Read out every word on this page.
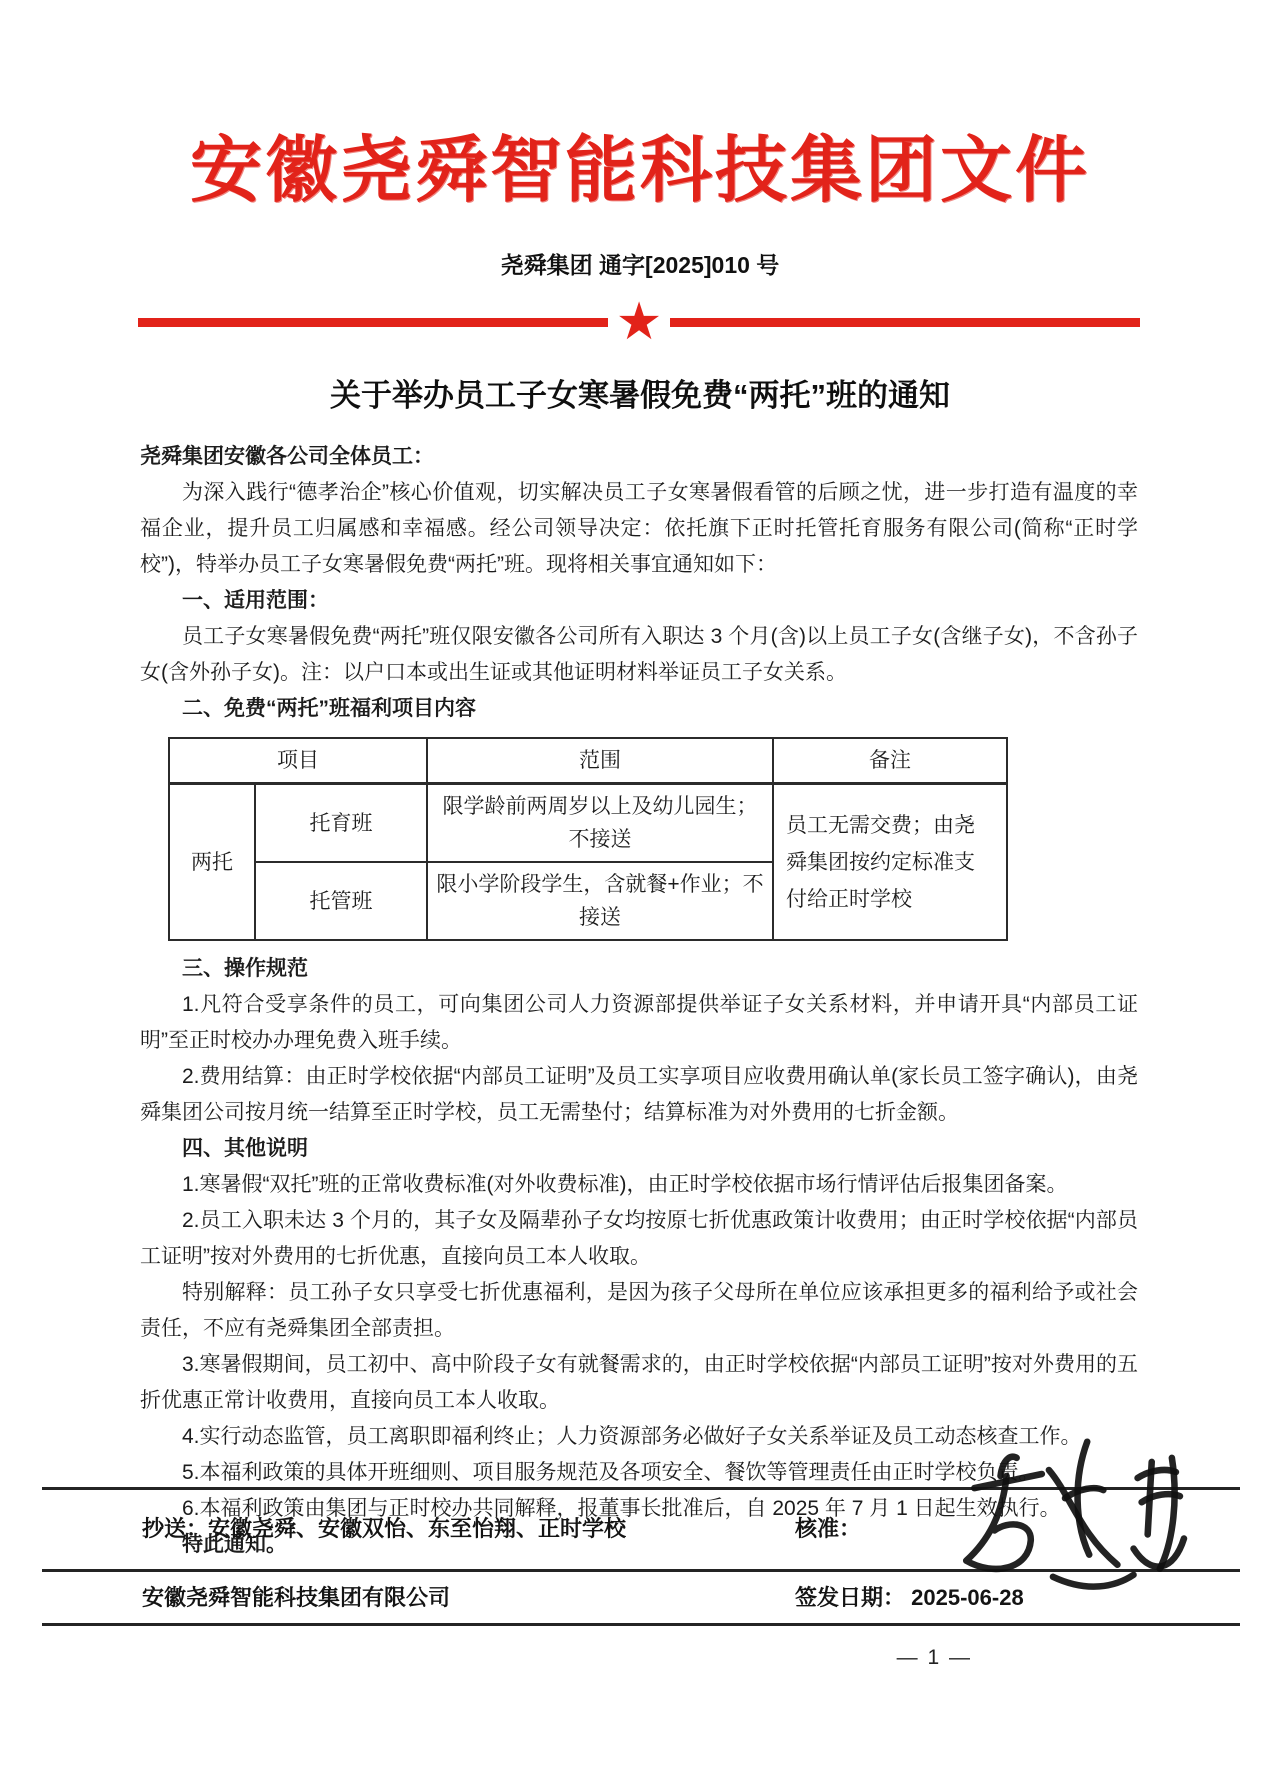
安徽尧舜智能科技集团文件
尧舜集团 通字[2025]010 号
★
关于举办员工子女寒暑假免费“两托”班的通知

尧舜集团安徽各公司全体员工：

为深入践行“德孝治企”核心价值观，切实解决员工子女寒暑假看管的后顾之忧，进一步打造有温度的幸福企业，提升员工归属感和幸福感。经公司领导决定：依托旗下正时托管托育服务有限公司(简称“正时学校”)，特举办员工子女寒暑假免费“两托”班。现将相关事宜通知如下：

一、适用范围：

员工子女寒暑假免费“两托”班仅限安徽各公司所有入职达 3 个月(含)以上员工子女(含继子女)，不含孙子女(含外孙子女)。注：以户口本或出生证或其他证明材料举证员工子女关系。

二、免费“两托”班福利项目内容

项目		范围	备注
两托	托育班	限学龄前两周岁以上及幼儿园生；不接送	员工无需交费；由尧舜集团按约定标准支付给正时学校
	托管班	限小学阶段学生，含就餐+作业；不接送	

三、操作规范

1.凡符合受享条件的员工，可向集团公司人力资源部提供举证子女关系材料，并申请开具“内部员工证明”至正时校办办理免费入班手续。

2.费用结算：由正时学校依据“内部员工证明”及员工实享项目应收费用确认单(家长员工签字确认)，由尧舜集团公司按月统一结算至正时学校，员工无需垫付；结算标准为对外费用的七折金额。

四、其他说明

1.寒暑假“双托”班的正常收费标准(对外收费标准)，由正时学校依据市场行情评估后报集团备案。

2.员工入职未达 3 个月的，其子女及隔辈孙子女均按原七折优惠政策计收费用；由正时学校依据“内部员工证明”按对外费用的七折优惠，直接向员工本人收取。

特别解释：员工孙子女只享受七折优惠福利，是因为孩子父母所在单位应该承担更多的福利给予或社会责任，不应有尧舜集团全部责担。

3.寒暑假期间，员工初中、高中阶段子女有就餐需求的，由正时学校依据“内部员工证明”按对外费用的五折优惠正常计收费用，直接向员工本人收取。

4.实行动态监管，员工离职即福利终止；人力资源部务必做好子女关系举证及员工动态核查工作。

5.本福利政策的具体开班细则、项目服务规范及各项安全、餐饮等管理责任由正时学校负责。

6.本福利政策由集团与正时校办共同解释，报董事长批准后，自 2025 年 7 月 1 日起生效执行。

特此通知。

抄送： 安徽尧舜、安徽双怡、东至怡翔、正时学校	核准：
安徽尧舜智能科技集团有限公司	签发日期： 2025-06-28
— 1 —
